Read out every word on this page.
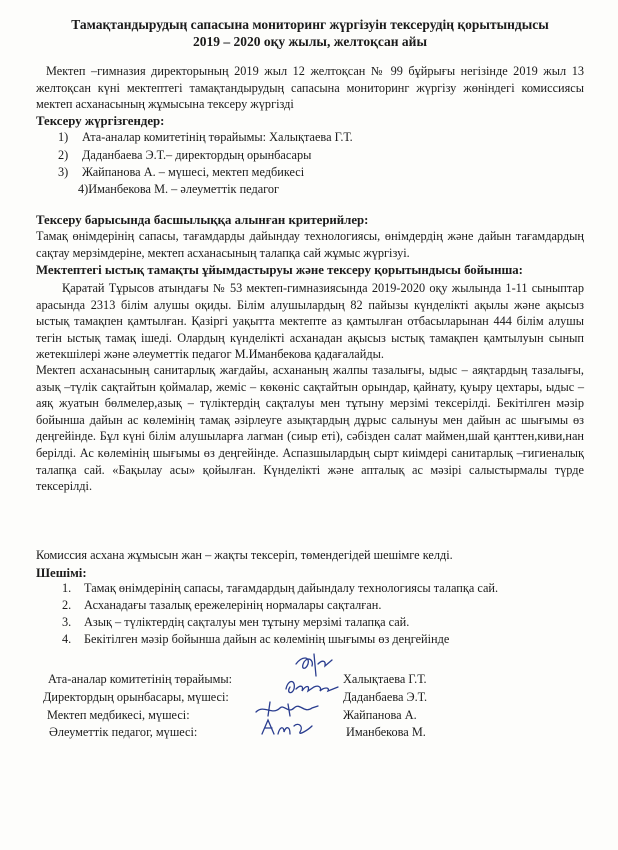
Тамақтандырудың сапасына мониторинг жүргізуін тексерудің қорытындысы
2019 – 2020 оқу жылы, желтоқсан айы
Мектеп –гимназия директорының 2019 жыл 12 желтоқсан № 99 бұйрығы негізінде 2019 жыл 13 желтоқсан күні мектептегі тамақтандырудың сапасына мониторинг жүргізу жөніндегі комиссиясы мектеп асханасының жұмысына тексеру жүргізді
Тексеру жүргізгендер:
1) Ата-аналар комитетінің төрайымы: Халықтаева Г.Т.
2) Даданбаева Э.Т.– директордың орынбасары
3) Жайпанова А. – мүшесі, мектеп медбикесі
4)Иманбекова М. – әлеуметтік педагог
Тексеру барысында басшылыққа алынған критерийлер:
Тамақ өнімдерінің сапасы, тағамдарды дайындау технологиясы, өнімдердің және дайын тағамдардың сақтау мерзімдеріне, мектеп асханасының талапқа сай жұмыс жүргізуі.
Мектептегі ыстық тамақты ұйымдастыруы және тексеру қорытындысы бойынша:
Қаратай Тұрысов атындағы № 53 мектеп-гимназиясында 2019-2020 оқу жылында 1-11 сыныптар арасында 2313 білім алушы оқиды. Білім алушылардың 82 пайызы күнделікті ақылы және ақысыз ыстық тамақпен қамтылған. Қазіргі уақытта мектепте аз қамтылған отбасыларынан 444 білім алушы тегін ыстық тамақ ішеді. Олардың күнделікті асханадан ақысыз ыстық тамақпен қамтылуын сынып жетекшілері және әлеуметтік педагог М.Иманбекова қадағалайды.
Мектеп асханасының санитарлық жағдайы, асхананың жалпы тазалығы, ыдыс – аяқтардың тазалығы, азық –түлік сақтайтын қоймалар, жеміс – көкөніс сақтайтын орындар, қайнату, қуыру цехтары, ыдыс – аяқ жуатын бөлмелер,азық – түліктердің сақталуы мен тұтыну мерзімі тексерілді. Бекітілген мәзір бойынша дайын ас көлемінің тамақ әзірлеуге азықтардың дұрыс салынуы мен дайын ас шығымы өз деңгейінде. Бұл күні білім алушыларға лагман (сиыр еті), сәбізден салат маймен,шай қанттен,киви,нан берілді. Ас көлемінің шығымы өз деңгейінде. Аспазшылардың сырт киімдері санитарлық –гигиеналық талапқа сай. «Бақылау асы» қойылған. Күнделікті және апталық ас мәзірі салыстырмалы түрде тексерілді.
Комиссия асхана жұмысын жан – жақты тексеріп, төмендегідей шешімге келді.
Шешімі:
1. Тамақ өнімдерінің сапасы, тағамдардың дайындалу технологиясы талапқа сай.
2. Асханадағы тазалық ережелерінің нормалары сақталған.
3. Азық – түліктердің сақталуы мен тұтыну мерзімі талапқа сай.
4. Бекітілген мәзір бойынша дайын ас көлемінің шығымы өз деңгейінде
Ата-аналар комитетінің төрайымы:
Директордың орынбасары, мүшесі:
Мектеп медбикесі, мүшесі:
Әлеуметтік педагог, мүшесі:
Халықтаева Г.Т.
Даданбаева Э.Т.
Жайпанова А.
Иманбекова М.
